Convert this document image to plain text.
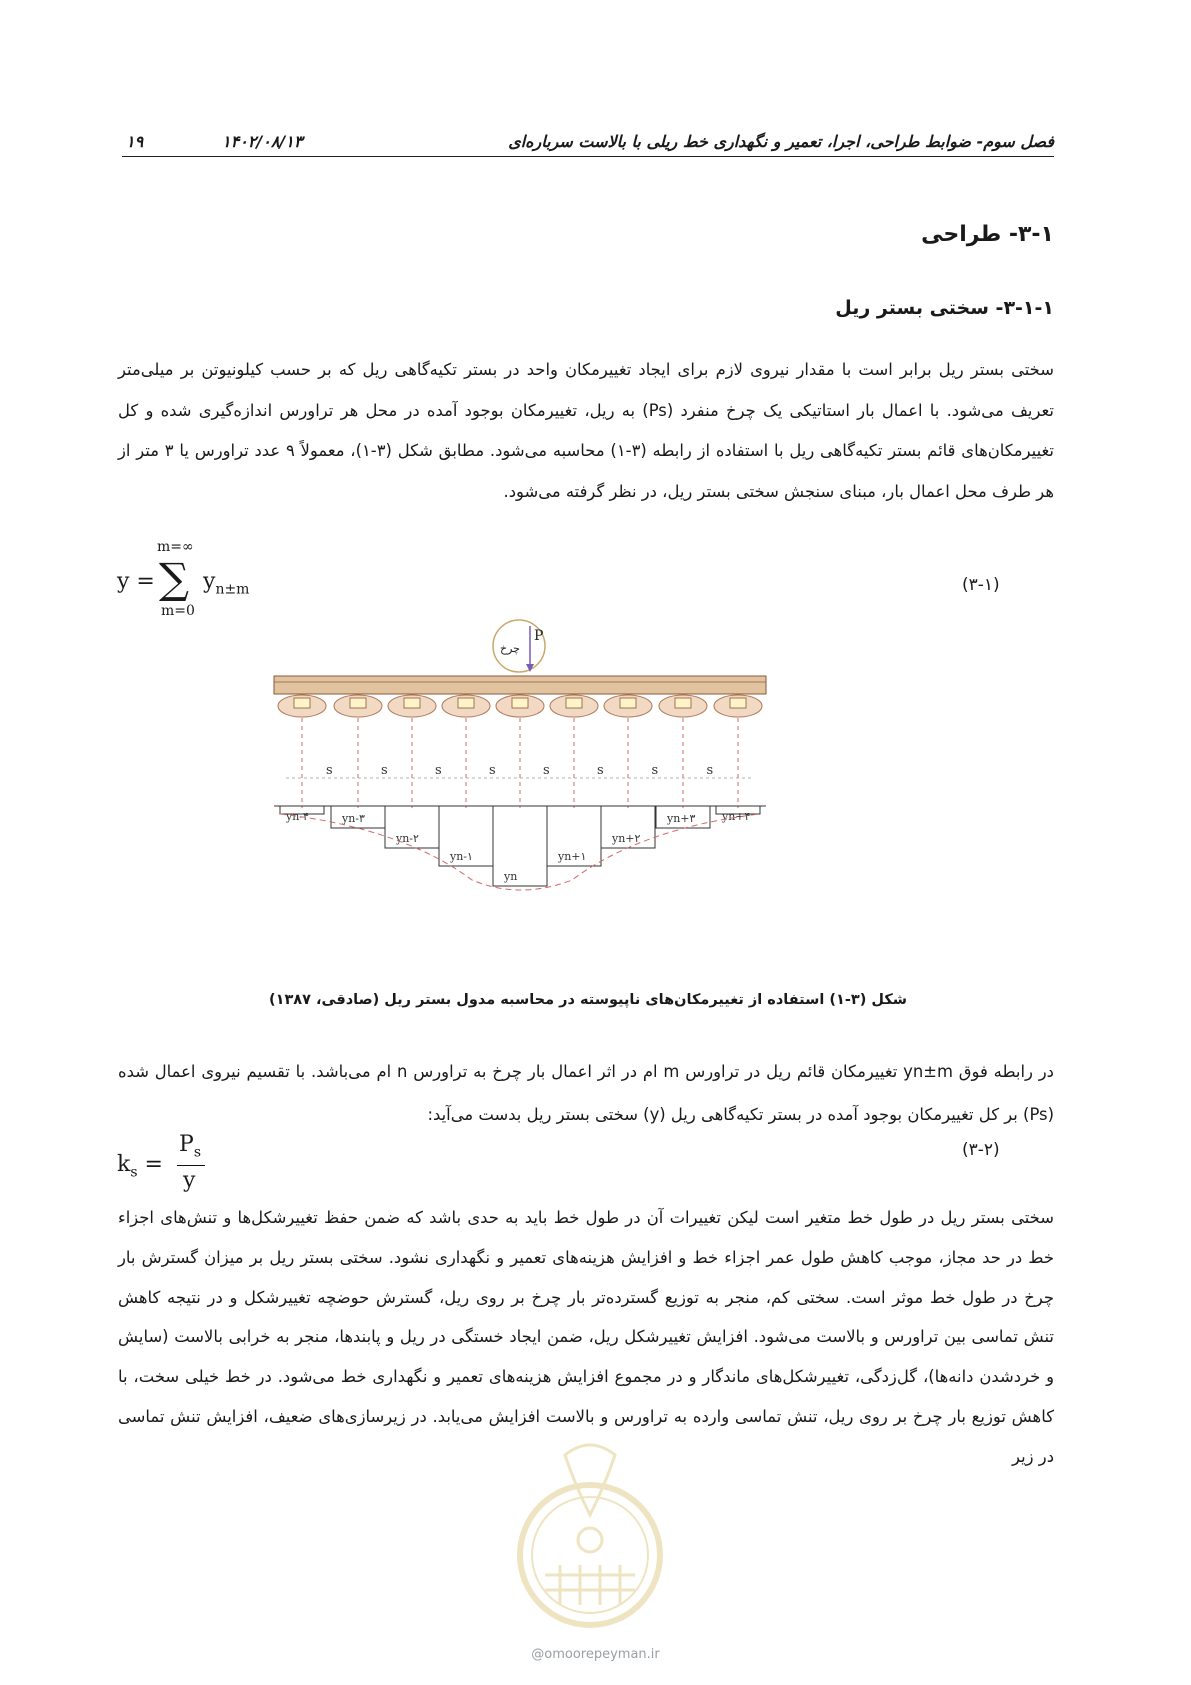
فصل سوم- ضوابط طراحی، اجرا، تعمیر و نگهداری خط ریلی با بالاست سرباره‌ای
۱۴۰۲/۰۸/۱۳
۱۹
۳-۱- طراحی
۳-۱-۱- سختی بستر ریل
سختی بستر ریل برابر است با مقدار نیروی لازم برای ایجاد تغییرمکان واحد در بستر تکیه‌گاهی ریل که بر حسب کیلونیوتن بر میلی‌متر تعریف می‌شود. با اعمال بار استاتیکی یک چرخ منفرد (Ps) به ریل، تغییرمکان بوجود آمده در محل هر تراورس اندازه‌گیری شده و کل تغییرمکان‌های قائم بستر تکیه‌گاهی ریل با استفاده از رابطه (۳-۱) محاسبه می‌شود. مطابق شکل (۳-۱)، معمولاً ۹ عدد تراورس یا ۳ متر از هر طرف محل اعمال بار، مبنای سنجش سختی بستر ریل، در نظر گرفته می‌شود.
y =
m=∞
∑
m=0
$y_{n\pm m}$	(۳-۱)
P
چرخ
s	s	s	s	s	s	s	s
yn-۴	yn-۳
yn-۲
yn-۱
yn
yn+۱
yn+۲
yn+۳ yn+۴
شکل (۳-۱) استفاده از تغییرمکان‌های ناپیوسته در محاسبه مدول بستر ریل (صادقی، ۱۳۸۷)
در رابطه فوق yn±m تغییرمکان قائم ریل در تراورس m ام در اثر اعمال بار چرخ به تراورس n ام می‌باشد. با تقسیم نیروی اعمال شده (Ps) بر کل تغییرمکان بوجود آمده در بستر تکیه‌گاهی ریل (y) سختی بستر ریل بدست می‌آید:
$k_s$ =
$P_s$
y
(۳-۲)
سختی بستر ریل در طول خط متغیر است لیکن تغییرات آن در طول خط باید به حدی باشد که ضمن حفظ تغییرشکل‌ها و تنش‌های اجزاء خط در حد مجاز، موجب کاهش طول عمر اجزاء خط و افزایش هزینه‌های تعمیر و نگهداری نشود. سختی بستر ریل بر میزان گسترش بار چرخ در طول خط موثر است. سختی کم، منجر به توزیع گسترده‌تر بار چرخ بر روی ریل، گسترش حوضچه تغییرشکل و در نتیجه کاهش تنش تماسی بین تراورس و بالاست می‌شود. افزایش تغییرشکل ریل، ضمن ایجاد خستگی در ریل و پابندها، منجر به خرابی بالاست (سایش و خردشدن دانه‌ها)، گل‌زدگی، تغییرشکل‌های ماندگار و در مجموع افزایش هزینه‌های تعمیر و نگهداری خط می‌شود. در خط خیلی سخت، با کاهش توزیع بار چرخ بر روی ریل، تنش تماسی وارده به تراورس و بالاست افزایش می‌یابد. در زیرسازی‌های ضعیف، افزایش تنش تماسی در زیر
@omoorepeyman.ir
